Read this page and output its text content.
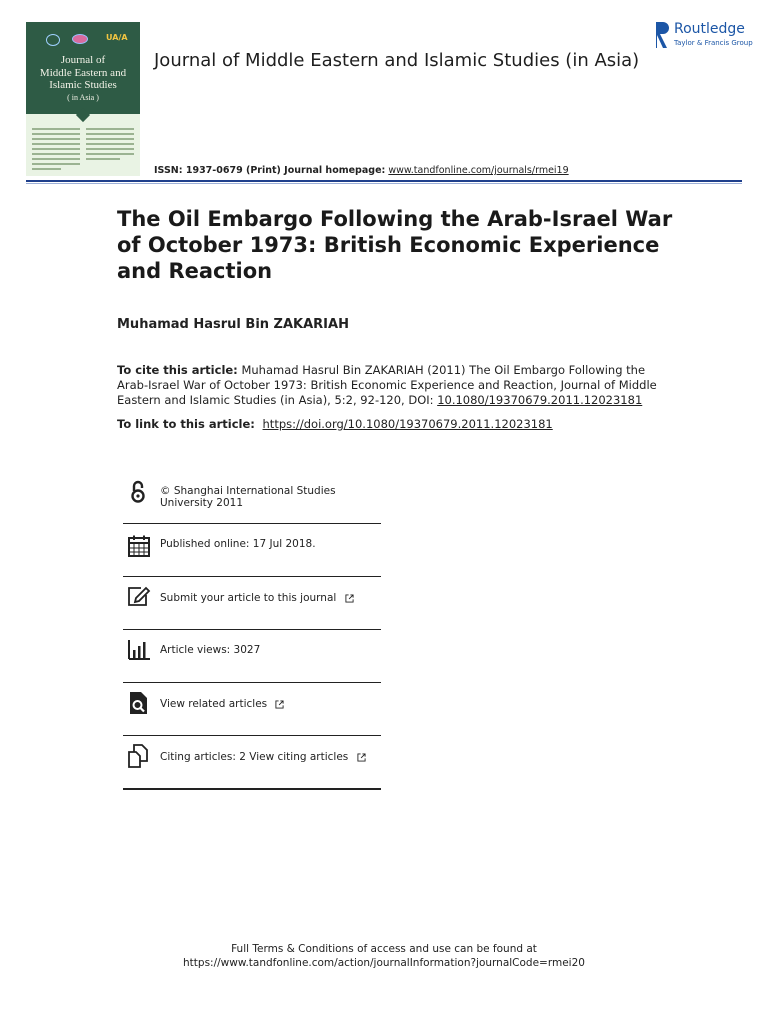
UA/A
Journal of
Middle Eastern and
Islamic Studies
( in Asia )
Journal of Middle Eastern and Islamic Studies (in Asia)
Routledge
Taylor & Francis Group
ISSN: 1937-0679 (Print) Journal homepage: www.tandfonline.com/journals/rmei19
The Oil Embargo Following the Arab-Israel War of October 1973: British Economic Experience and Reaction
Muhamad Hasrul Bin ZAKARIAH
To cite this article: Muhamad Hasrul Bin ZAKARIAH (2011) The Oil Embargo Following the Arab-Israel War of October 1973: British Economic Experience and Reaction, Journal of Middle Eastern and Islamic Studies (in Asia), 5:2, 92-120, DOI: 10.1080/19370679.2011.12023181
To link to this article: https://doi.org/10.1080/19370679.2011.12023181
© Shanghai International Studies University 2011
Published online: 17 Jul 2018.
Submit your article to this journal
Article views: 3027
View related articles
Citing articles: 2 View citing articles
Full Terms & Conditions of access and use can be found at
https://www.tandfonline.com/action/journalInformation?journalCode=rmei20
